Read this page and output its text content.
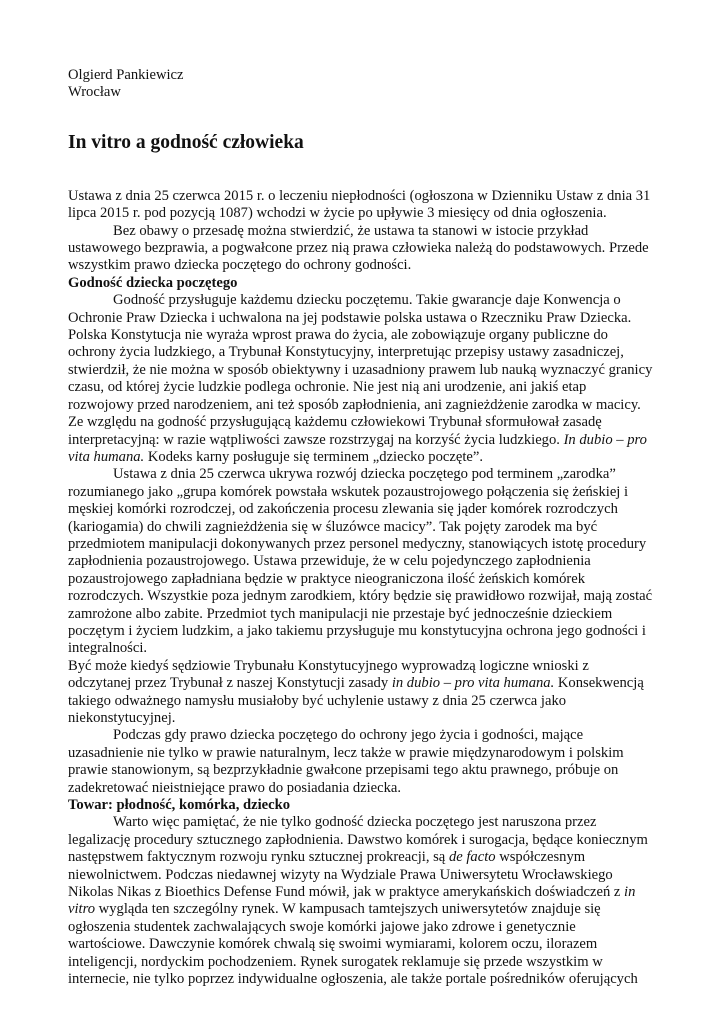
Olgierd Pankiewicz
Wrocław
In vitro a godność człowieka
Ustawa z dnia 25 czerwca 2015 r. o leczeniu niepłodności (ogłoszona w Dzienniku Ustaw z dnia 31
lipca 2015 r. pod pozycją 1087) wchodzi w życie po upływie 3 miesięcy od dnia ogłoszenia.
Bez obawy o przesadę można stwierdzić, że ustawa ta stanowi w istocie przykład
ustawowego bezprawia, a pogwałcone przez nią prawa człowieka należą do podstawowych. Przede
wszystkim prawo dziecka poczętego do ochrony godności.
Godność dziecka poczętego
Godność przysługuje każdemu dziecku poczętemu. Takie gwarancje daje Konwencja o
Ochronie Praw Dziecka i uchwalona na jej podstawie polska ustawa o Rzeczniku Praw Dziecka.
Polska Konstytucja nie wyraża wprost prawa do życia, ale zobowiązuje organy publiczne do
ochrony życia ludzkiego, a Trybunał Konstytucyjny, interpretując przepisy ustawy zasadniczej,
stwierdził, że nie można w sposób obiektywny i uzasadniony prawem lub nauką wyznaczyć granicy
czasu, od której życie ludzkie podlega ochronie. Nie jest nią ani urodzenie, ani jakiś etap
rozwojowy przed narodzeniem, ani też sposób zapłodnienia, ani zagnieżdżenie zarodka w macicy.
Ze względu na godność przysługującą każdemu człowiekowi Trybunał sformułował zasadę
interpretacyjną: w razie wątpliwości zawsze rozstrzygaj na korzyść życia ludzkiego. In dubio – pro
vita humana. Kodeks karny posługuje się terminem „dziecko poczęte”.
Ustawa z dnia 25 czerwca ukrywa rozwój dziecka poczętego pod terminem „zarodka”
rozumianego jako „grupa komórek powstała wskutek pozaustrojowego połączenia się żeńskiej i
męskiej komórki rozrodczej, od zakończenia procesu zlewania się jąder komórek rozrodczych
(kariogamia) do chwili zagnieżdżenia się w śluzówce macicy”. Tak pojęty zarodek ma być
przedmiotem manipulacji dokonywanych przez personel medyczny, stanowiących istotę procedury
zapłodnienia pozaustrojowego. Ustawa przewiduje, że w celu pojedynczego zapłodnienia
pozaustrojowego zapładniana będzie w praktyce nieograniczona ilość żeńskich komórek
rozrodczych. Wszystkie poza jednym zarodkiem, który będzie się prawidłowo rozwijał, mają zostać
zamrożone albo zabite. Przedmiot tych manipulacji nie przestaje być jednocześnie dzieckiem
poczętym i życiem ludzkim, a jako takiemu przysługuje mu konstytucyjna ochrona jego godności i
integralności.
Być może kiedyś sędziowie Trybunału Konstytucyjnego wyprowadzą logiczne wnioski z
odczytanej przez Trybunał z naszej Konstytucji zasady in dubio – pro vita humana. Konsekwencją
takiego odważnego namysłu musiałoby być uchylenie ustawy z dnia 25 czerwca jako
niekonstytucyjnej.
Podczas gdy prawo dziecka poczętego do ochrony jego życia i godności, mające
uzasadnienie nie tylko w prawie naturalnym, lecz także w prawie międzynarodowym i polskim
prawie stanowionym, są bezprzykładnie gwałcone przepisami tego aktu prawnego, próbuje on
zadekretować nieistniejące prawo do posiadania dziecka.
Towar: płodność, komórka, dziecko
Warto więc pamiętać, że nie tylko godność dziecka poczętego jest naruszona przez
legalizację procedury sztucznego zapłodnienia. Dawstwo komórek i surogacja, będące koniecznym
następstwem faktycznym rozwoju rynku sztucznej prokreacji, są de facto współczesnym
niewolnictwem. Podczas niedawnej wizyty na Wydziale Prawa Uniwersytetu Wrocławskiego
Nikolas Nikas z Bioethics Defense Fund mówił, jak w praktyce amerykańskich doświadczeń z in
vitro wygląda ten szczególny rynek. W kampusach tamtejszych uniwersytetów znajduje się
ogłoszenia studentek zachwalających swoje komórki jajowe jako zdrowe i genetycznie
wartościowe. Dawczynie komórek chwalą się swoimi wymiarami, kolorem oczu, ilorazem
inteligencji, nordyckim pochodzeniem. Rynek surogatek reklamuje się przede wszystkim w
internecie, nie tylko poprzez indywidualne ogłoszenia, ale także portale pośredników oferujących
